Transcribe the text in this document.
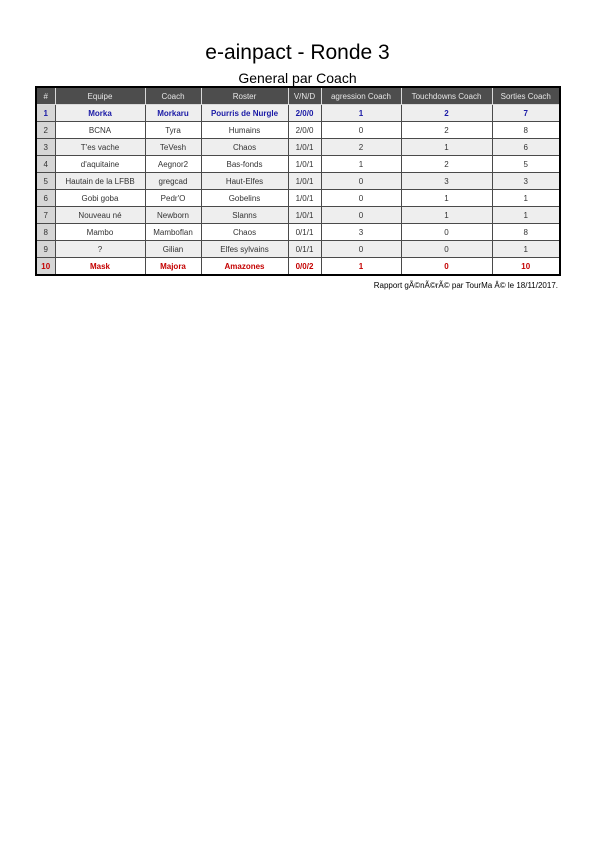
e-ainpact - Ronde 3
General par Coach
#	Equipe	Coach	Roster	V/N/D	agression Coach	Touchdowns Coach	Sorties Coach
1	Morka	Morkaru	Pourris de Nurgle	2/0/0	1	2	7
2	BCNA	Tyra	Humains	2/0/0	0	2	8
3	T'es vache	TeVesh	Chaos	1/0/1	2	1	6
4	d'aquitaine	Aegnor2	Bas-fonds	1/0/1	1	2	5
5	Hautain de la LFBB	gregcad	Haut-Elfes	1/0/1	0	3	3
6	Gobi goba	Pedr'O	Gobelins	1/0/1	0	1	1
7	Nouveau né	Newborn	Slanns	1/0/1	0	1	1
8	Mambo	Mamboflan	Chaos	0/1/1	3	0	8
9	?	Gilian	Elfes sylvains	0/1/1	0	0	1
10	Mask	Majora	Amazones	0/0/2	1	0	10
Rapport gÃ©nÃ©rÃ© par TourMa Â© le 18/11/2017.
